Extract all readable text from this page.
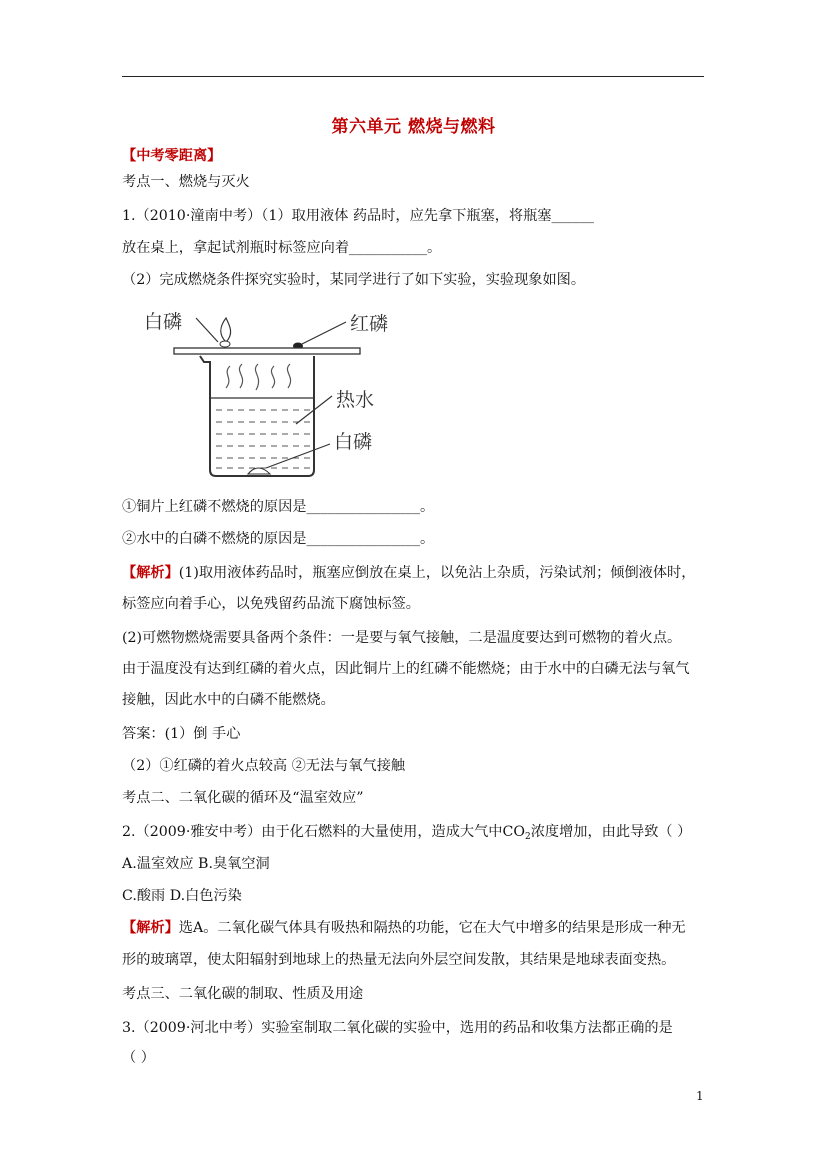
第六单元 燃烧与燃料
【中考零距离】
考点一、燃烧与灭火
1.（2010·潼南中考）（1）取用液体 药品时，应先拿下瓶塞，将瓶塞______
放在桌上，拿起试剂瓶时标签应向着___________。
（2）完成燃烧条件探究实验时，某同学进行了如下实验，实验现象如图。
白磷	红磷
热水
白磷
①铜片上红磷不燃烧的原因是________________。
②水中的白磷不燃烧的原因是________________。
【解析】(1)取用液体药品时，瓶塞应倒放在桌上，以免沾上杂质，污染试剂；倾倒液体时，
标签应向着手心，以免残留药品流下腐蚀标签。
(2)可燃物燃烧需要具备两个条件：一是要与氧气接触，二是温度要达到可燃物的着火点。
由于温度没有达到红磷的着火点，因此铜片上的红磷不能燃烧；由于水中的白磷无法与氧气
接触，因此水中的白磷不能燃烧。
答案：(1）倒 手心
（2）①红磷的着火点较高 ②无法与氧气接触
考点二、二氧化碳的循环及“温室效应”
2.（2009·雅安中考）由于化石燃料的大量使用，造成大气中$CO_2$浓度增加，由此导致（ ）
A.温室效应 B.臭氧空洞
C.酸雨 D.白色污染
【解析】选A。二氧化碳气体具有吸热和隔热的功能，它在大气中增多的结果是形成一种无
形的玻璃罩，使太阳辐射到地球上的热量无法向外层空间发散，其结果是地球表面变热。
考点三、二氧化碳的制取、性质及用途
3.（2009·河北中考）实验室制取二氧化碳的实验中，选用的药品和收集方法都正确的是
（ ）
1
